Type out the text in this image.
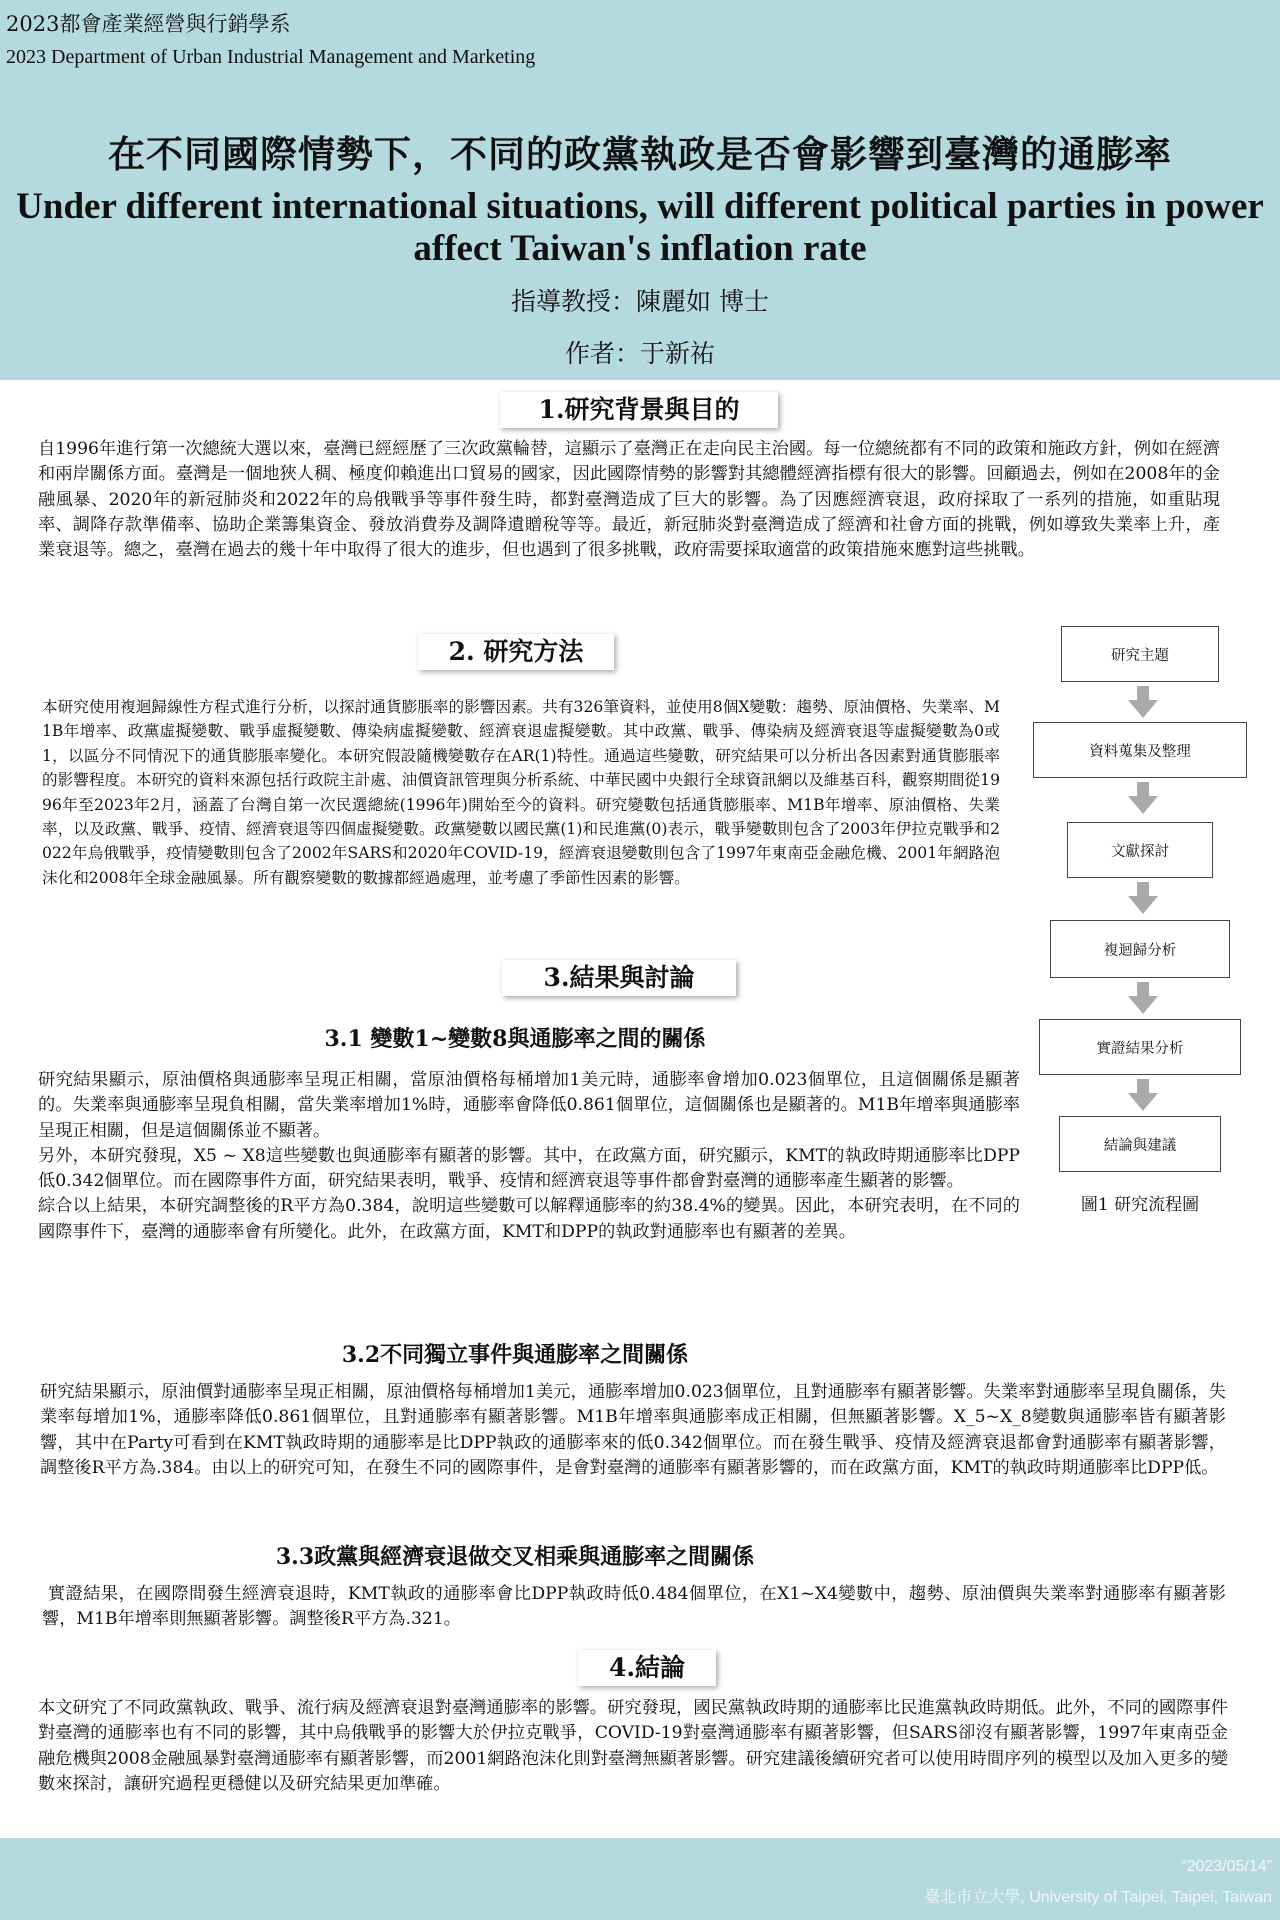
2023都會產業經營與行銷學系
2023 Department of Urban Industrial Management and Marketing
在不同國際情勢下，不同的政黨執政是否會影響到臺灣的通膨率
Under different international situations, will different political parties in power affect Taiwan's inflation rate
指導教授：陳麗如 博士
作者：于新祐
1.研究背景與目的

自1996年進行第一次總統大選以來，臺灣已經經歷了三次政黨輪替，這顯示了臺灣正在走向民主治國。每一位總統都有不同的政策和施政方針，例如在經濟和兩岸關係方面。臺灣是一個地狹人稠、極度仰賴進出口貿易的國家，因此國際情勢的影響對其總體經濟指標有很大的影響。回顧過去，例如在2008年的金融風暴、2020年的新冠肺炎和2022年的烏俄戰爭等事件發生時，都對臺灣造成了巨大的影響。為了因應經濟衰退，政府採取了一系列的措施，如重貼現率、調降存款準備率、協助企業籌集資金、發放消費券及調降遺贈稅等等。最近，新冠肺炎對臺灣造成了經濟和社會方面的挑戰，例如導致失業率上升，產業衰退等。總之，臺灣在過去的幾十年中取得了很大的進步，但也遇到了很多挑戰，政府需要採取適當的政策措施來應對這些挑戰。

2. 研究方法

本研究使用複迴歸線性方程式進行分析，以探討通貨膨脹率的影響因素。共有326筆資料，並使用8個X變數：趨勢、原油價格、失業率、M1B年增率、政黨虛擬變數、戰爭虛擬變數、傳染病虛擬變數、經濟衰退虛擬變數。其中政黨、戰爭、傳染病及經濟衰退等虛擬變數為0或1，以區分不同情況下的通貨膨脹率變化。本研究假設隨機變數存在AR(1)特性。通過這些變數，研究結果可以分析出各因素對通貨膨脹率的影響程度。本研究的資料來源包括行政院主計處、油價資訊管理與分析系統、中華民國中央銀行全球資訊網以及維基百科，觀察期間從1996年至2023年2月，涵蓋了台灣自第一次民選總統(1996年)開始至今的資料。研究變數包括通貨膨脹率、M1B年增率、原油價格、失業率，以及政黨、戰爭、疫情、經濟衰退等四個虛擬變數。政黨變數以國民黨(1)和民進黨(0)表示，戰爭變數則包含了2003年伊拉克戰爭和2022年烏俄戰爭，疫情變數則包含了2002年SARS和2020年COVID-19，經濟衰退變數則包含了1997年東南亞金融危機、2001年網路泡沫化和2008年全球金融風暴。所有觀察變數的數據都經過處理，並考慮了季節性因素的影響。

研究主題
資料蒐集及整理
文獻探討
複迴歸分析
實證結果分析
結論與建議
圖1 研究流程圖
3.結果與討論
3.1 變數1~變數8與通膨率之間的關係

研究結果顯示，原油價格與通膨率呈現正相關，當原油價格每桶增加1美元時，通膨率會增加0.023個單位，且這個關係是顯著的。失業率與通膨率呈現負相關，當失業率增加1%時，通膨率會降低0.861個單位，這個關係也是顯著的。M1B年增率與通膨率呈現正相關，但是這個關係並不顯著。

另外，本研究發現，X5 ~ X8這些變數也與通膨率有顯著的影響。其中，在政黨方面，研究顯示，KMT的執政時期通膨率比DPP低0.342個單位。而在國際事件方面，研究結果表明，戰爭、疫情和經濟衰退等事件都會對臺灣的通膨率產生顯著的影響。

綜合以上結果，本研究調整後的R平方為0.384，說明這些變數可以解釋通膨率的約38.4%的變異。因此，本研究表明，在不同的國際事件下，臺灣的通膨率會有所變化。此外，在政黨方面，KMT和DPP的執政對通膨率也有顯著的差異。

3.2不同獨立事件與通膨率之間關係

研究結果顯示，原油價對通膨率呈現正相關，原油價格每桶增加1美元，通膨率增加0.023個單位，且對通膨率有顯著影響。失業率對通膨率呈現負關係，失業率每增加1%，通膨率降低0.861個單位，且對通膨率有顯著影響。M1B年增率與通膨率成正相關，但無顯著影響。X_5~X_8變數與通膨率皆有顯著影響，其中在Party可看到在KMT執政時期的通膨率是比DPP執政的通膨率來的低0.342個單位。而在發生戰爭、疫情及經濟衰退都會對通膨率有顯著影響，調整後R平方為.384。由以上的研究可知，在發生不同的國際事件，是會對臺灣的通膨率有顯著影響的，而在政黨方面，KMT的執政時期通膨率比DPP低。

3.3政黨與經濟衰退做交叉相乘與通膨率之間關係

實證結果，在國際間發生經濟衰退時，KMT執政的通膨率會比DPP執政時低0.484個單位，在X1~X4變數中，趨勢、原油價與失業率對通膨率有顯著影響，M1B年增率則無顯著影響。調整後R平方為.321。

4.結論

本文研究了不同政黨執政、戰爭、流行病及經濟衰退對臺灣通膨率的影響。研究發現，國民黨執政時期的通膨率比民進黨執政時期低。此外，不同的國際事件對臺灣的通膨率也有不同的影響，其中烏俄戰爭的影響大於伊拉克戰爭，COVID-19對臺灣通膨率有顯著影響，但SARS卻沒有顯著影響，1997年東南亞金融危機與2008金融風暴對臺灣通膨率有顯著影響，而2001網路泡沫化則對臺灣無顯著影響。研究建議後續研究者可以使用時間序列的模型以及加入更多的變數來探討，讓研究過程更穩健以及研究結果更加準確。

“2023/05/14”
臺北市立大學, University of Taipei, Taipei, Taiwan
